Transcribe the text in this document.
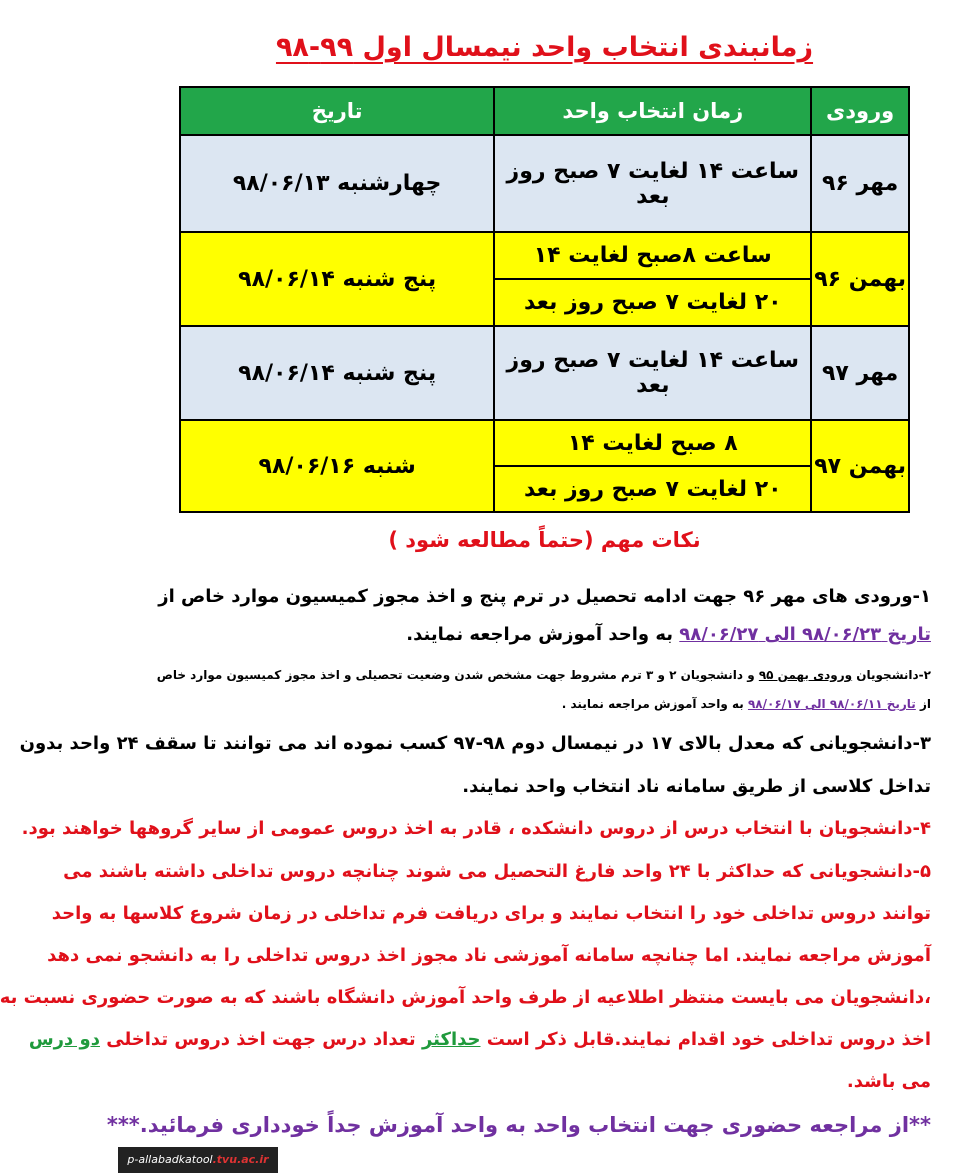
زمانبندی انتخاب واحد نیمسال اول ۹۹-۹۸
ورودی	زمان انتخاب واحد	تاریخ
مهر ۹۶	ساعت ۱۴ لغایت ۷ صبح روز بعد	چهارشنبه ۹۸/۰۶/۱۳
بهمن ۹۶	ساعت ۸صبح لغایت ۱۴	پنج شنبه ۹۸/۰۶/۱۴
	۲۰ لغایت ۷ صبح روز بعد	
مهر ۹۷	ساعت ۱۴ لغایت ۷ صبح روز بعد	پنج شنبه ۹۸/۰۶/۱۴
بهمن ۹۷	۸ صبح لغایت ۱۴	شنبه ۹۸/۰۶/۱۶
	۲۰ لغایت ۷ صبح روز بعد	
نکات مهم (حتماً مطالعه شود )
۱-ورودی های مهر ۹۶ جهت ادامه تحصیل در ترم پنج و اخذ مجوز کمیسیون موارد خاص از
تاریخ ۹۸/۰۶/۲۳ الی ۹۸/۰۶/۲۷ به واحد آموزش مراجعه نمایند.
۲-دانشجویان ورودی بهمن ۹۵ و دانشجویان ۲ و ۳ ترم مشروط جهت مشخص شدن وضعیت تحصیلی و اخذ مجوز کمیسیون موارد خاص
از تاریخ ۹۸/۰۶/۱۱ الی ۹۸/۰۶/۱۷ به واحد آموزش مراجعه نمایند .
۳-دانشجویانی که معدل بالای ۱۷ در نیمسال دوم ۹۸-۹۷ کسب نموده اند می توانند تا سقف ۲۴ واحد بدون
تداخل کلاسی از طریق سامانه ناد انتخاب واحد نمایند.
۴-دانشجویان با انتخاب درس از دروس دانشکده ، قادر به اخذ دروس عمومی از سایر گروهها خواهند بود.
۵-دانشجویانی که حداکثر با ۲۴ واحد فارغ التحصیل می شوند چنانچه دروس تداخلی داشته باشند می
توانند دروس تداخلی خود را انتخاب نمایند و برای دریافت فرم تداخلی در زمان شروع کلاسها به واحد
آموزش مراجعه نمایند. اما چنانچه سامانه آموزشی ناد مجوز اخذ دروس تداخلی را به دانشجو نمی دهد
،دانشجویان می بایست منتظر اطلاعیه از طرف واحد آموزش دانشگاه باشند که به صورت حضوری نسبت به
اخذ دروس تداخلی خود اقدام نمایند.قابل ذکر است حداکثر تعداد درس جهت اخذ دروس تداخلی دو درس
می باشد.
**از مراجعه حضوری جهت انتخاب واحد به واحد آموزش جداً خودداری فرمائید.***
p-allabadkatool.tvu.ac.ir
